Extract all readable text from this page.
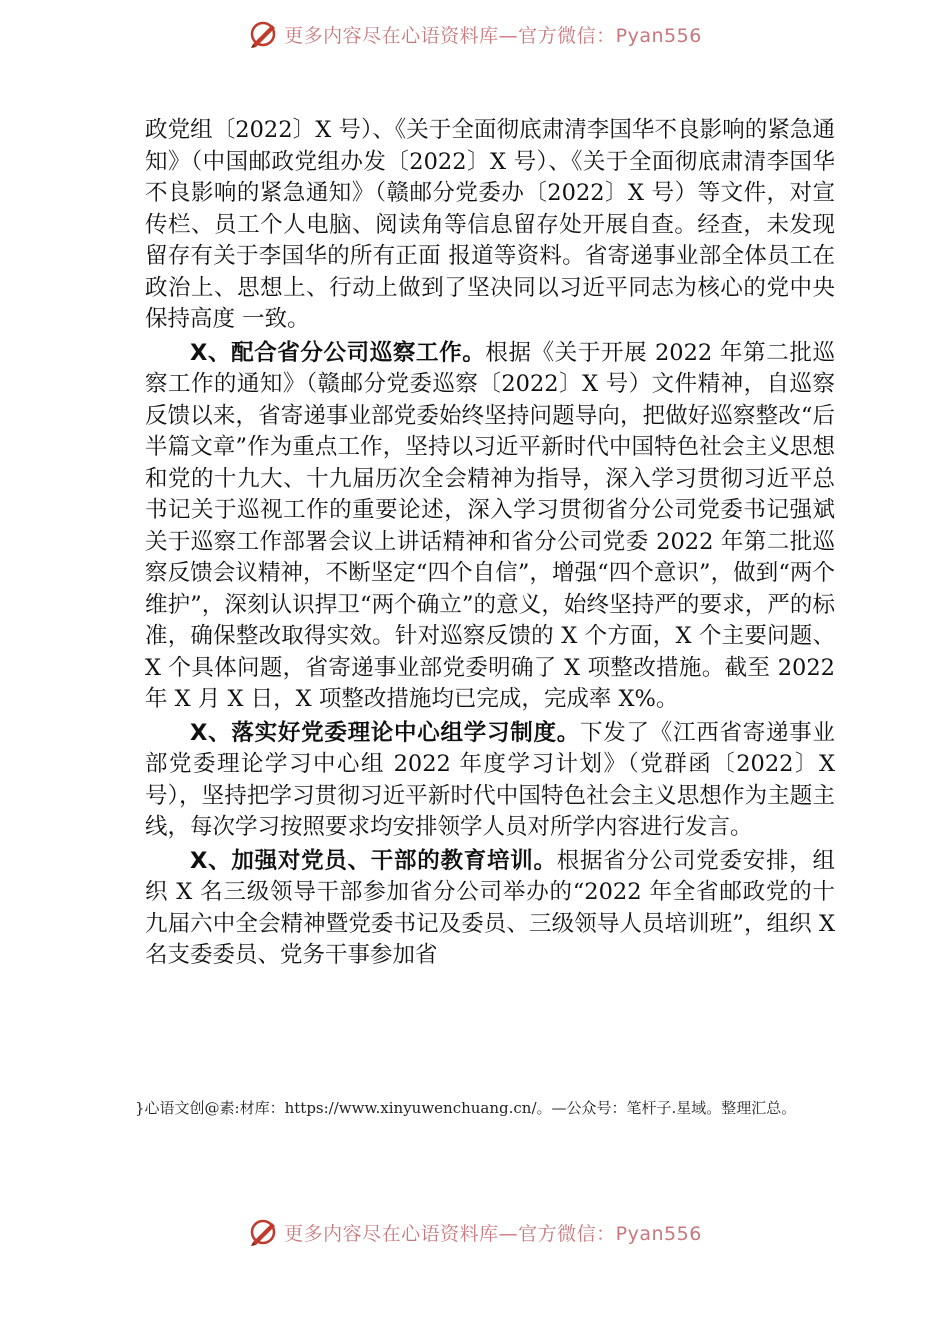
更多内容尽在心语资料库—官方微信：Pyan556

政党组〔2022〕X 号）、《关于全面彻底肃清李国华不良影响的紧急通知》（中国邮政党组办发〔2022〕X 号）、《关于全面彻底肃清李国华不良影响的紧急通知》（赣邮分党委办〔2022〕X 号）等文件，对宣传栏、员工个人电脑、阅读角等信息留存处开展自查。经查，未发现留存有关于李国华的所有正面 报道等资料。省寄递事业部全体员工在政治上、思想上、行动上做到了坚决同以习近平同志为核心的党中央保持高度 一致。

X、配合省分公司巡察工作。根据《关于开展 2022 年第二批巡察工作的通知》（赣邮分党委巡察〔2022〕X 号）文件精神，自巡察反馈以来，省寄递事业部党委始终坚持问题导向，把做好巡察整改“后半篇文章”作为重点工作，坚持以习近平新时代中国特色社会主义思想和党的十九大、十九届历次全会精神为指导，深入学习贯彻习近平总书记关于巡视工作的重要论述，深入学习贯彻省分公司党委书记强斌关于巡察工作部署会议上讲话精神和省分公司党委 2022 年第二批巡察反馈会议精神，不断坚定“四个自信”，增强“四个意识”，做到“两个维护”，深刻认识捍卫“两个确立”的意义，始终坚持严的要求，严的标准，确保整改取得实效。针对巡察反馈的 X 个方面，X 个主要问题、X 个具体问题，省寄递事业部党委明确了 X 项整改措施。截至 2022 年 X 月 X 日，X 项整改措施均已完成，完成率 X%。

X、落实好党委理论中心组学习制度。下发了《江西省寄递事业部党委理论学习中心组 2022 年度学习计划》（党群函〔2022〕X 号），坚持把学习贯彻习近平新时代中国特色社会主义思想作为主题主线，每次学习按照要求均安排领学人员对所学内容进行发言。

X、加强对党员、干部的教育培训。根据省分公司党委安排，组织 X 名三级领导干部参加省分公司举办的“2022 年全省邮政党的十九届六中全会精神暨党委书记及委员、三级领导人员培训班”，组织 X 名支委委员、党务干事参加省

}心语文创@素:材库：https://www.xinyuwenchuang.cn/。—公众号：笔杆子.星域。整理汇总。
更多内容尽在心语资料库—官方微信：Pyan556
